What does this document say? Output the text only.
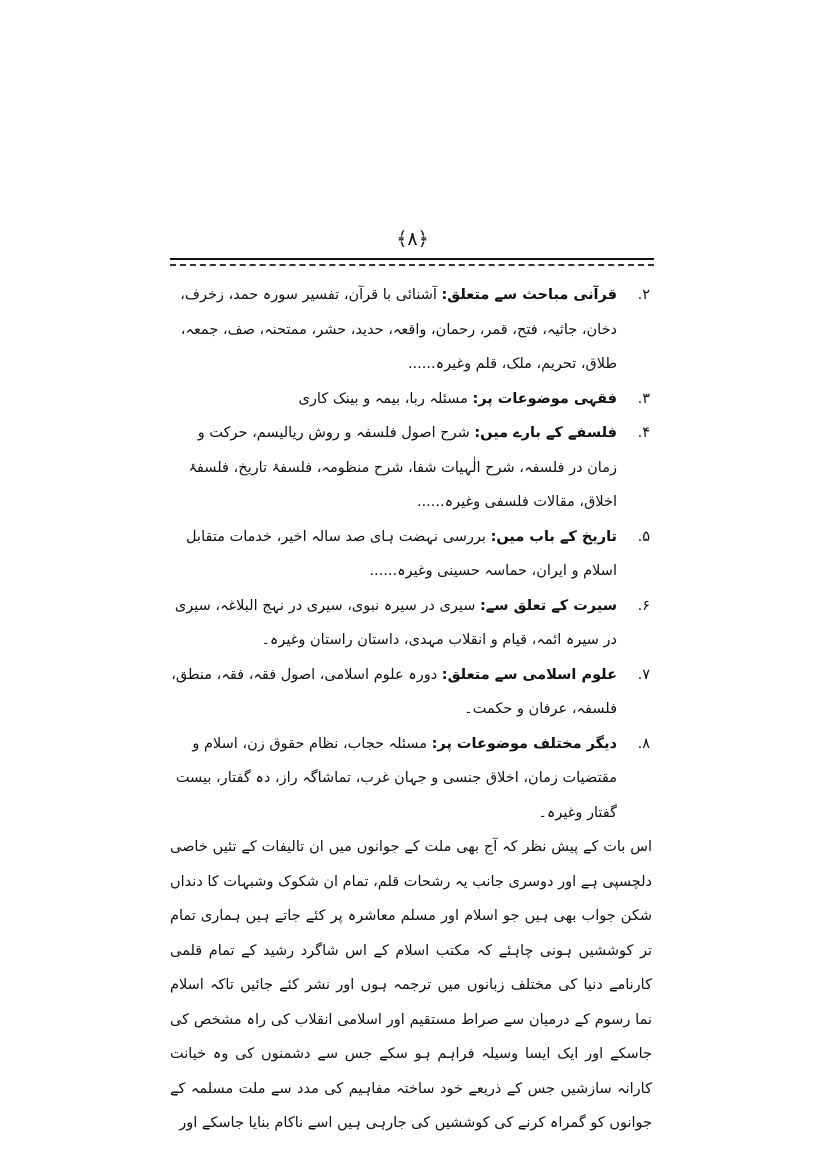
﴿۸﴾
۲.
قرآنی مباحث سے متعلق: آشنائی با قرآن، تفسیر سورہ حمد، زخرف، دخان، جاثیہ، فتح، قمر، رحمان، واقعہ، حدید، حشر، ممتحنہ، صف، جمعہ، طلاق، تحریم، ملک، قلم وغیرہ......
۳.
فقہی موضوعات پر: مسئلہ ربا، بیمہ و بینک کاری
۴.
فلسفے کے بارے میں: شرح اصول فلسفہ و روش ریالیسم، حرکت و زمان در فلسفہ، شرح الٰہیات شفا، شرح منظومہ، فلسفۂ تاریخ، فلسفۂ اخلاق، مقالات فلسفی وغیرہ......
۵.
تاریخ کے باب میں: بررسی نہضت ہای صد سالہ اخیر، خدمات متقابل اسلام و ایران، حماسہ حسینی وغیرہ......
۶.
سیرت کے تعلق سے: سیری در سیرہ نبوی، سیری در نہج البلاغہ، سیری در سیرہ ائمہ، قیام و انقلاب مہدی، داستان راستان وغیرہ۔
۷.
علوم اسلامی سے متعلق: دورہ علوم اسلامی، اصول فقہ، فقہ، منطق، فلسفہ، عرفان و حکمت۔
۸.
دیگر مختلف موضوعات پر: مسئلہ حجاب، نظام حقوق زن، اسلام و مقتضیات زمان، اخلاق جنسی و جہان غرب، تماشاگہ راز، دہ گفتار، بیست گفتار وغیرہ۔

اس بات کے پیش نظر کہ آج بھی ملت کے جوانوں میں ان تالیفات کے تئیں خاصی دلچسپی ہے اور دوسری جانب یہ رشحات قلم، تمام ان شکوک وشبہات کا دنداں شکن جواب بھی ہیں جو اسلام اور مسلم معاشرہ پر کئے جاتے ہیں ہماری تمام تر کوششیں ہونی چاہئے کہ مکتب اسلام کے اس شاگرد رشید کے تمام قلمی کارنامے دنیا کی مختلف زبانوں میں ترجمہ ہوں اور نشر کئے جائیں تاکہ اسلام نما رسوم کے درمیان سے صراط مستقیم اور اسلامی انقلاب کی راہ مشخص کی جاسکے اور ایک ایسا وسیلہ فراہم ہو سکے جس سے دشمنوں کی وہ خیانت کارانہ سازشیں جس کے ذریعے خود ساختہ مفاہیم کی مدد سے ملت مسلمہ کے جوانوں کو گمراہ کرنے کی کوششیں کی جارہی ہیں اسے ناکام بنایا جاسکے اور
